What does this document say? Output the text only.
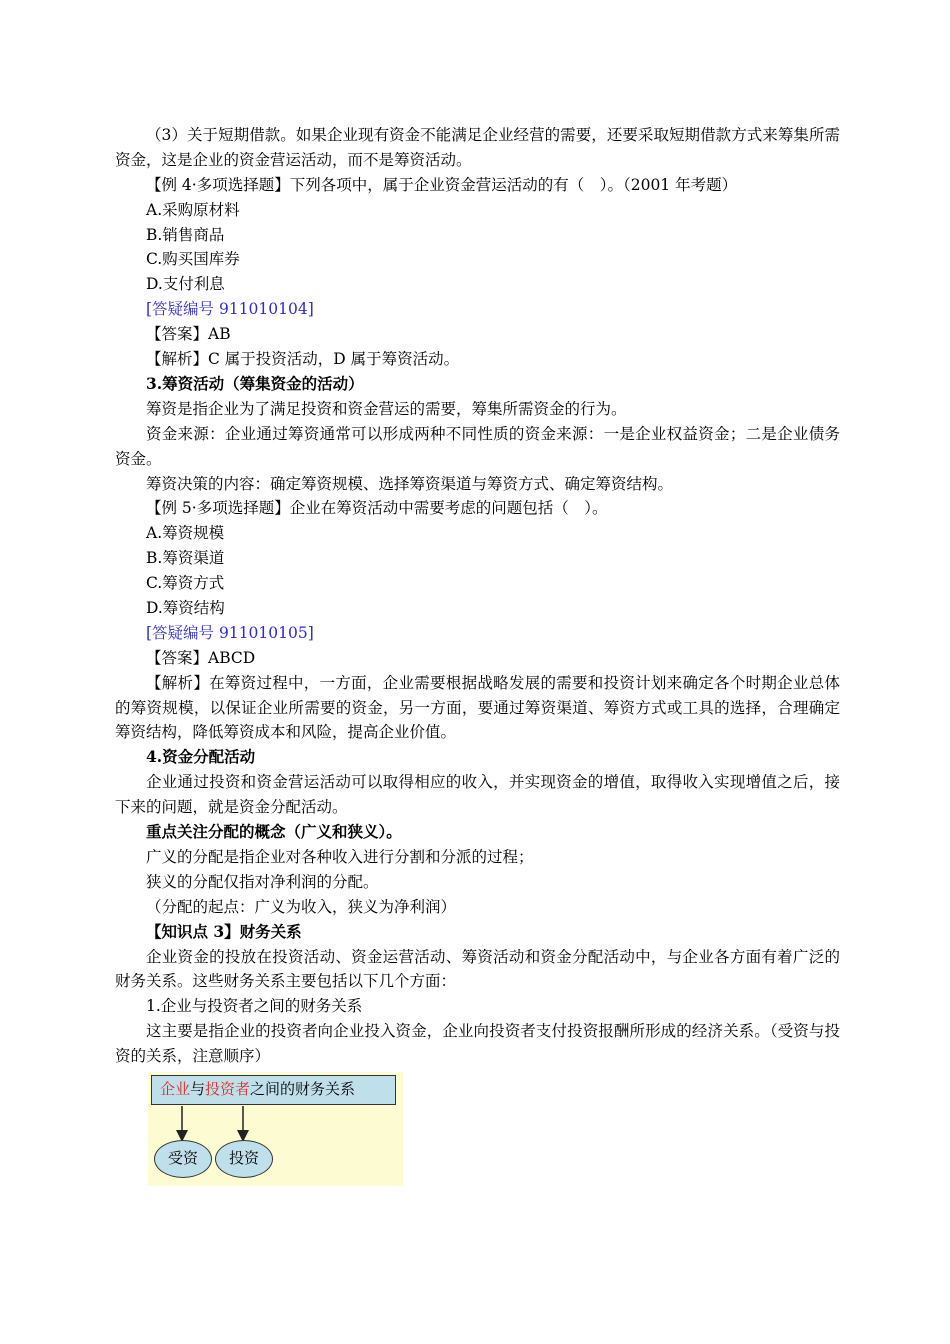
（3）关于短期借款。如果企业现有资金不能满足企业经营的需要，还要采取短期借款方式来筹集所需资金，这是企业的资金营运活动，而不是筹资活动。
【例 4·多项选择题】下列各项中，属于企业资金营运活动的有（　）。（2001 年考题）
A.采购原材料
B.销售商品
C.购买国库券
D.支付利息
[答疑编号 911010104]
【答案】AB
【解析】C 属于投资活动，D 属于筹资活动。
3.筹资活动（筹集资金的活动）
筹资是指企业为了满足投资和资金营运的需要，筹集所需资金的行为。
资金来源：企业通过筹资通常可以形成两种不同性质的资金来源：一是企业权益资金；二是企业债务资金。
筹资决策的内容：确定筹资规模、选择筹资渠道与筹资方式、确定筹资结构。
【例 5·多项选择题】企业在筹资活动中需要考虑的问题包括（　）。
A.筹资规模
B.筹资渠道
C.筹资方式
D.筹资结构
[答疑编号 911010105]
【答案】ABCD
【解析】在筹资过程中，一方面，企业需要根据战略发展的需要和投资计划来确定各个时期企业总体的筹资规模，以保证企业所需要的资金，另一方面，要通过筹资渠道、筹资方式或工具的选择，合理确定筹资结构，降低筹资成本和风险，提高企业价值。
4.资金分配活动
企业通过投资和资金营运活动可以取得相应的收入，并实现资金的增值，取得收入实现增值之后，接下来的问题，就是资金分配活动。
重点关注分配的概念（广义和狭义）。
广义的分配是指企业对各种收入进行分割和分派的过程；
狭义的分配仅指对净利润的分配。
（分配的起点：广义为收入，狭义为净利润）
【知识点 3】财务关系
企业资金的投放在投资活动、资金运营活动、筹资活动和资金分配活动中，与企业各方面有着广泛的财务关系。这些财务关系主要包括以下几个方面：
1.企业与投资者之间的财务关系
这主要是指企业的投资者向企业投入资金，企业向投资者支付投资报酬所形成的经济关系。（受资与投资的关系，注意顺序）
企业与投资者之间的财务关系
受资	投资
